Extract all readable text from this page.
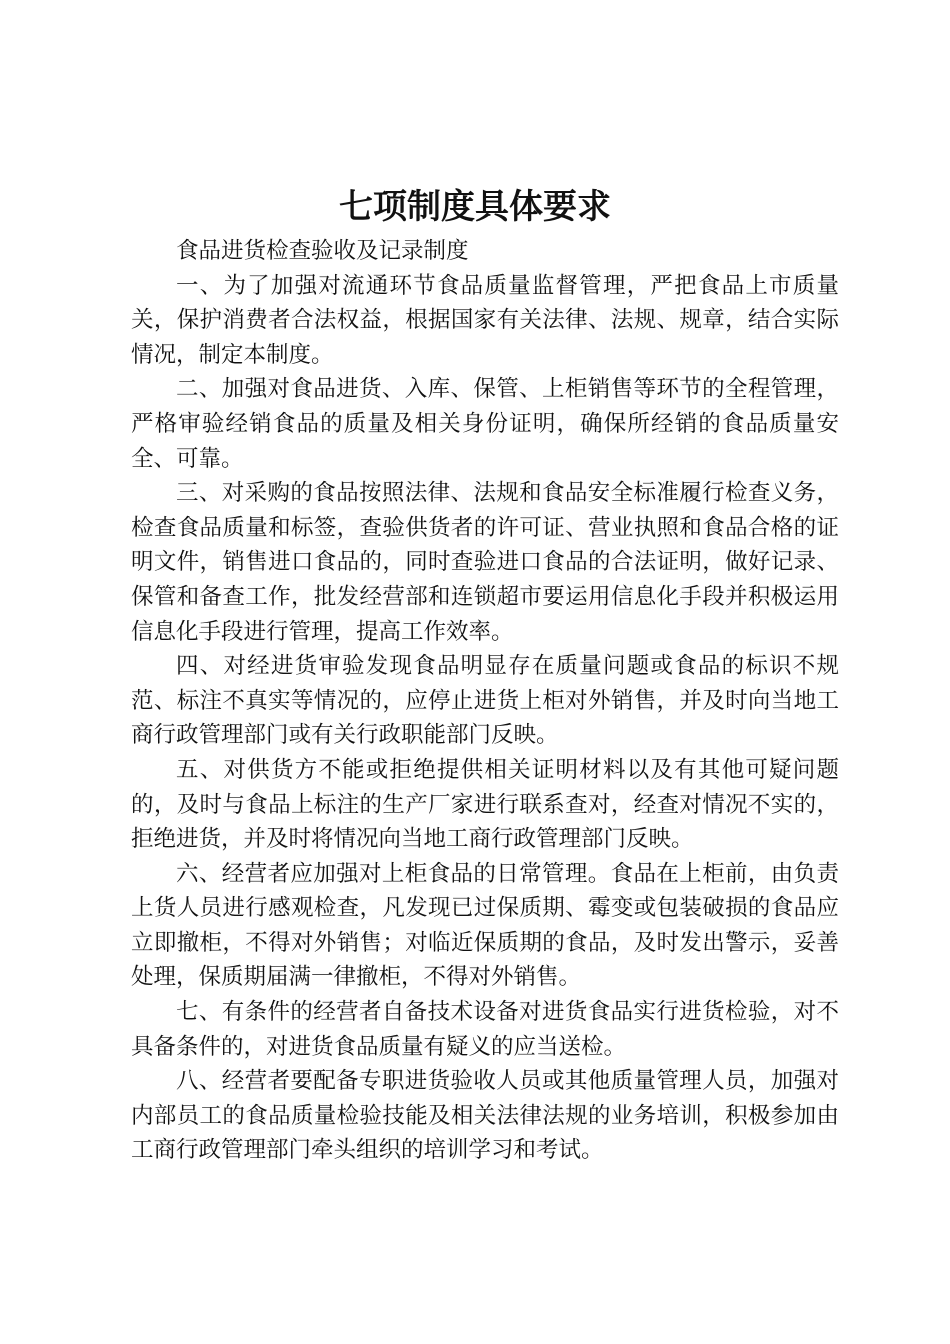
七项制度具体要求

食品进货检查验收及记录制度

一、为了加强对流通环节食品质量监督管理，严把食品上市质量关，保护消费者合法权益，根据国家有关法律、法规、规章，结合实际情况，制定本制度。

二、加强对食品进货、入库、保管、上柜销售等环节的全程管理，严格审验经销食品的质量及相关身份证明，确保所经销的食品质量安全、可靠。

三、对采购的食品按照法律、法规和食品安全标准履行检查义务，检查食品质量和标签，查验供货者的许可证、营业执照和食品合格的证明文件，销售进口食品的，同时查验进口食品的合法证明，做好记录、保管和备查工作，批发经营部和连锁超市要运用信息化手段并积极运用信息化手段进行管理，提高工作效率。

四、对经进货审验发现食品明显存在质量问题或食品的标识不规范、标注不真实等情况的，应停止进货上柜对外销售，并及时向当地工商行政管理部门或有关行政职能部门反映。

五、对供货方不能或拒绝提供相关证明材料以及有其他可疑问题的，及时与食品上标注的生产厂家进行联系查对，经查对情况不实的，拒绝进货，并及时将情况向当地工商行政管理部门反映。

六、经营者应加强对上柜食品的日常管理。食品在上柜前，由负责上货人员进行感观检查，凡发现已过保质期、霉变或包装破损的食品应立即撤柜，不得对外销售；对临近保质期的食品，及时发出警示，妥善处理，保质期届满一律撤柜，不得对外销售。

七、有条件的经营者自备技术设备对进货食品实行进货检验，对不具备条件的，对进货食品质量有疑义的应当送检。

八、经营者要配备专职进货验收人员或其他质量管理人员，加强对内部员工的食品质量检验技能及相关法律法规的业务培训，积极参加由工商行政管理部门牵头组织的培训学习和考试。
